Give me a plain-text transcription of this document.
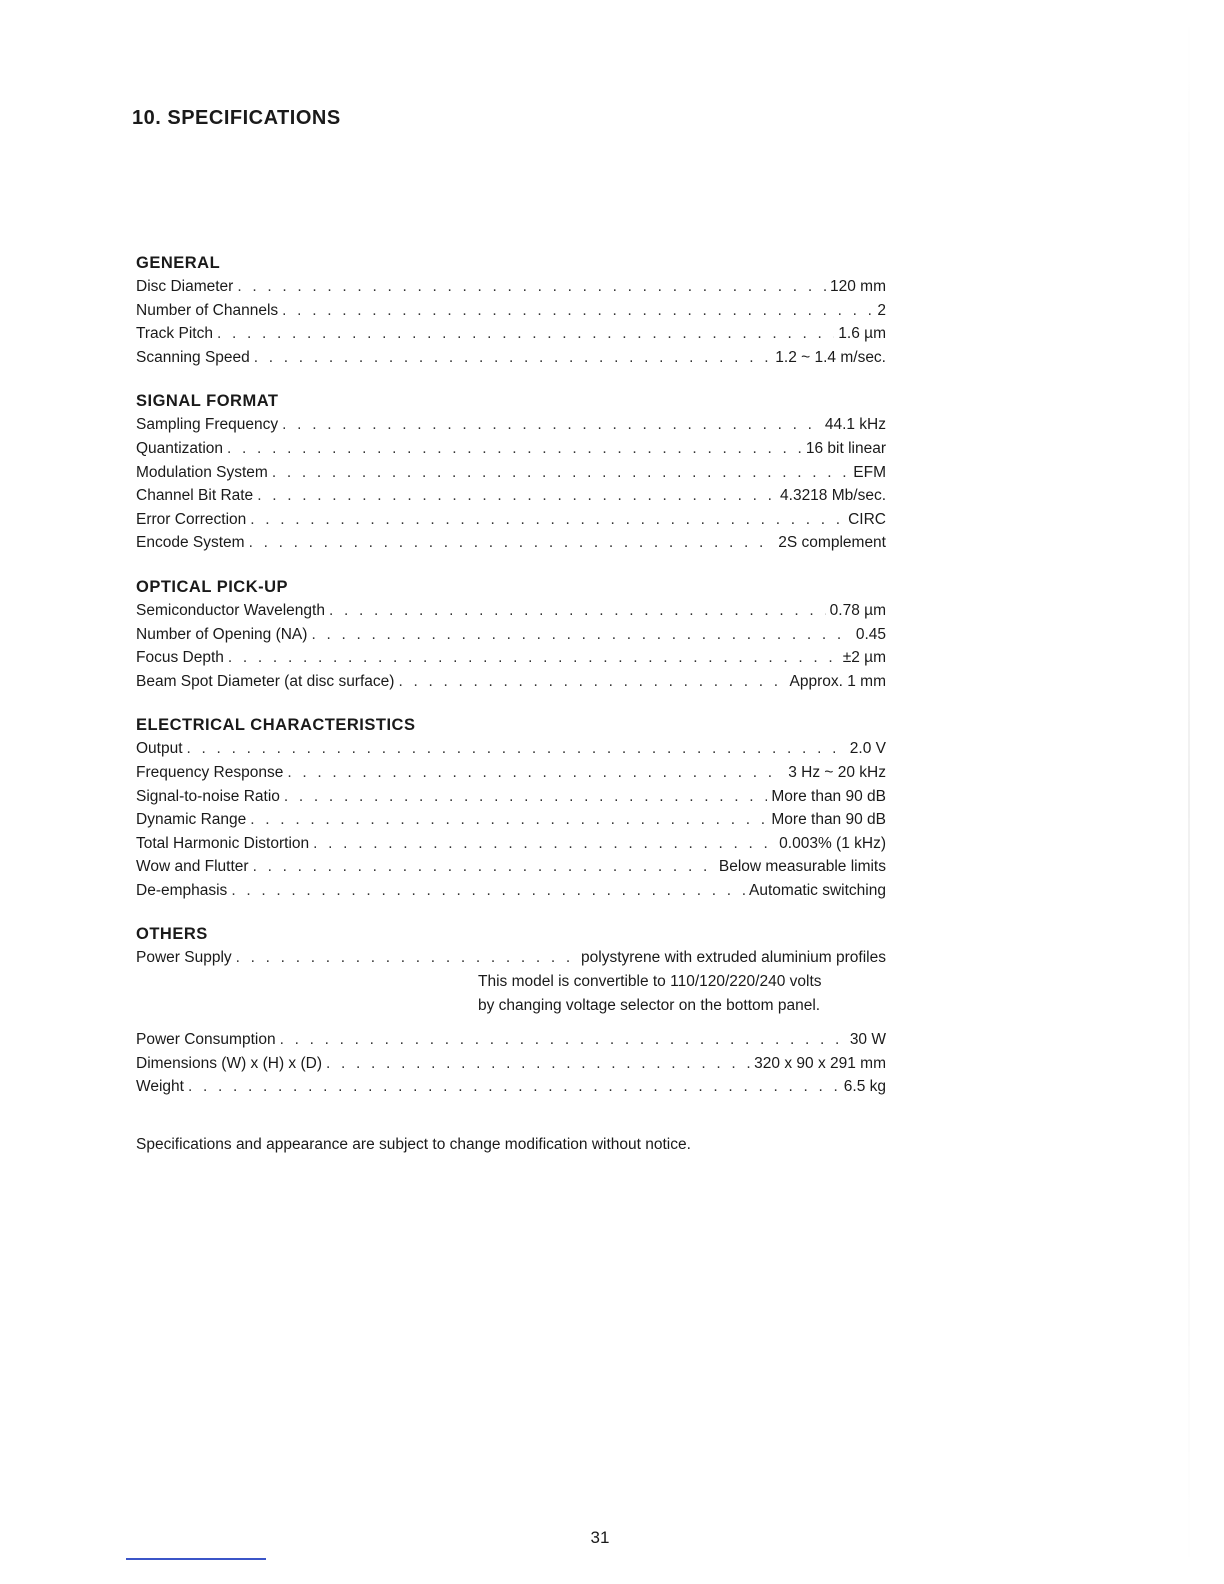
10. SPECIFICATIONS
GENERAL
Disc Diameter . . .	120 mm
Number of Channels . . .	2
Track Pitch . . .	1.6 µm
Scanning Speed . . .	1.2 ~ 1.4 m/sec.
SIGNAL FORMAT
Sampling Frequency . . .	44.1 kHz
Quantization . . .	16 bit linear
Modulation System . . .	EFM
Channel Bit Rate . . .	4.3218 Mb/sec.
Error Correction . . .	CIRC
Encode System . . .	2S complement
OPTICAL PICK-UP
Semiconductor Wavelength . . .	0.78 µm
Number of Opening (NA) . . .	0.45
Focus Depth . . .	±2 µm
Beam Spot Diameter (at disc surface) . . .	Approx. 1 mm
ELECTRICAL CHARACTERISTICS
Output . . .	2.0 V
Frequency Response . . .	3 Hz ~ 20 kHz
Signal-to-noise Ratio . . .	More than 90 dB
Dynamic Range . . .	More than 90 dB
Total Harmonic Distortion . . .	0.003% (1 kHz)
Wow and Flutter . . .	Below measurable limits
De-emphasis . . .	Automatic switching
OTHERS
Power Supply . . .	polystyrene with extruded aluminium profiles
This model is convertible to 110/120/220/240 volts
by changing voltage selector on the bottom panel.
Power Consumption . . .	30 W
Dimensions (W) x (H) x (D) . . .	320 x 90 x 291 mm
Weight . . .	6.5 kg

Specifications and appearance are subject to change modification without notice.

31
